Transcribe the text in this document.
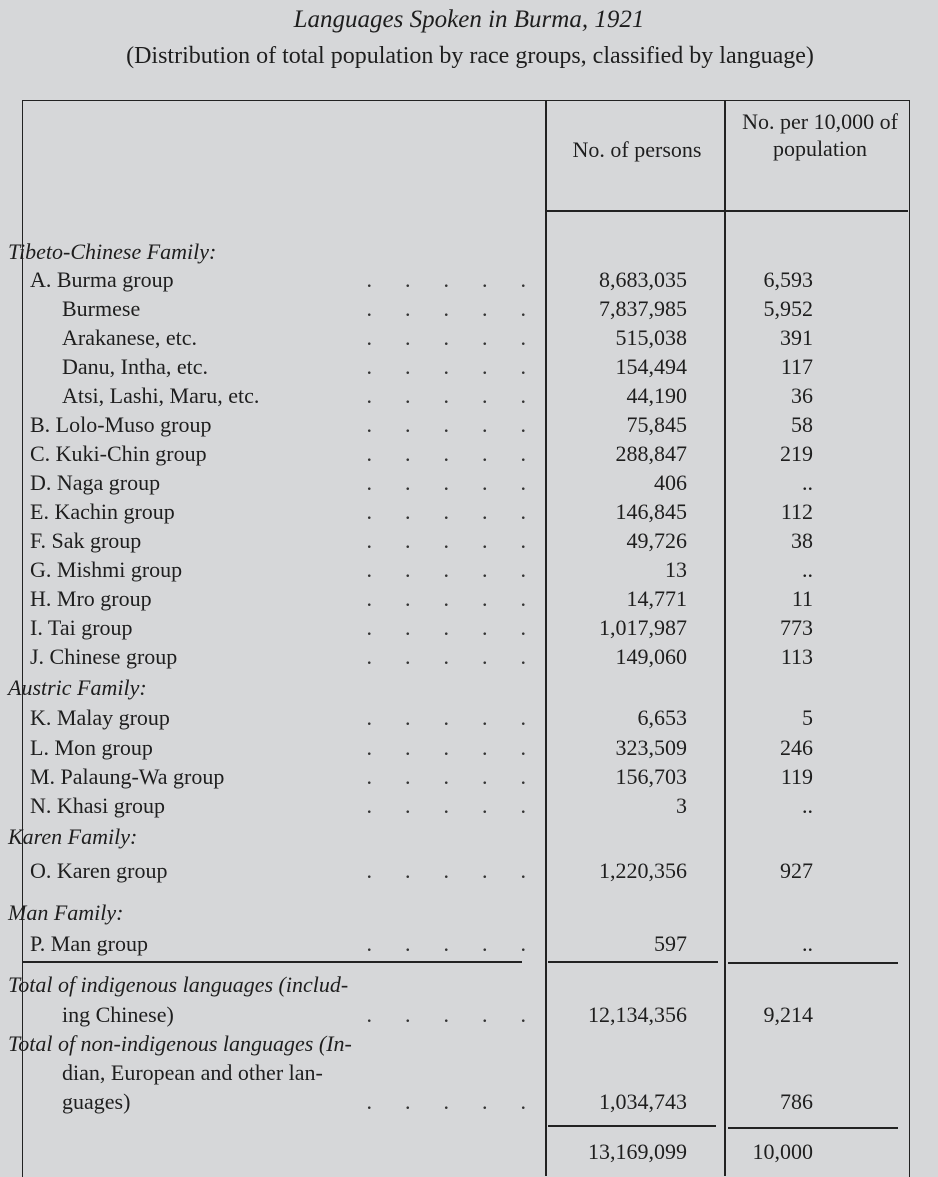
Languages Spoken in Burma, 1921
(Distribution of total population by race groups, classified by language)
No. of persons
No. per 10,000 of population
Tibeto-Chinese Family:
A. Burma group	.      .      .      .      .	8,683,035	6,593
Burmese	.      .      .      .      .	7,837,985	5,952
Arakanese, etc.	.      .      .      .      .	515,038	391
Danu, Intha, etc.	.      .      .      .      .	154,494	117
Atsi, Lashi, Maru, etc.	.      .      .      .      .	44,190	36
B. Lolo-Muso group	.      .      .      .      .	75,845	58
C. Kuki-Chin group	.      .      .      .      .	288,847	219
D. Naga group	.      .      .      .      .	406	..
E. Kachin group	.      .      .      .      .	146,845	112
F. Sak group	.      .      .      .      .	49,726	38
G. Mishmi group	.      .      .      .      .	13	..
H. Mro group	.      .      .      .      .	14,771	11
I. Tai group	.      .      .      .      .	1,017,987	773
J. Chinese group	.      .      .      .      .	149,060	113
Austric Family:
K. Malay group	.      .      .      .      .	6,653	5
L. Mon group	.      .      .      .      .	323,509	246
M. Palaung-Wa group	.      .      .      .      .	156,703	119
N. Khasi group	.      .      .      .      .	3	..
Karen Family:
O. Karen group	.      .      .      .      .	1,220,356	927
Man Family:
P. Man group	.      .      .      .      .	597	..
Total of indigenous languages (includ-
ing Chinese)	.      .      .      .      .	12,134,356	9,214
Total of non-indigenous languages (In-
dian, European and other lan-
guages)	.      .      .      .      .	1,034,743	786
13,169,099	10,000
